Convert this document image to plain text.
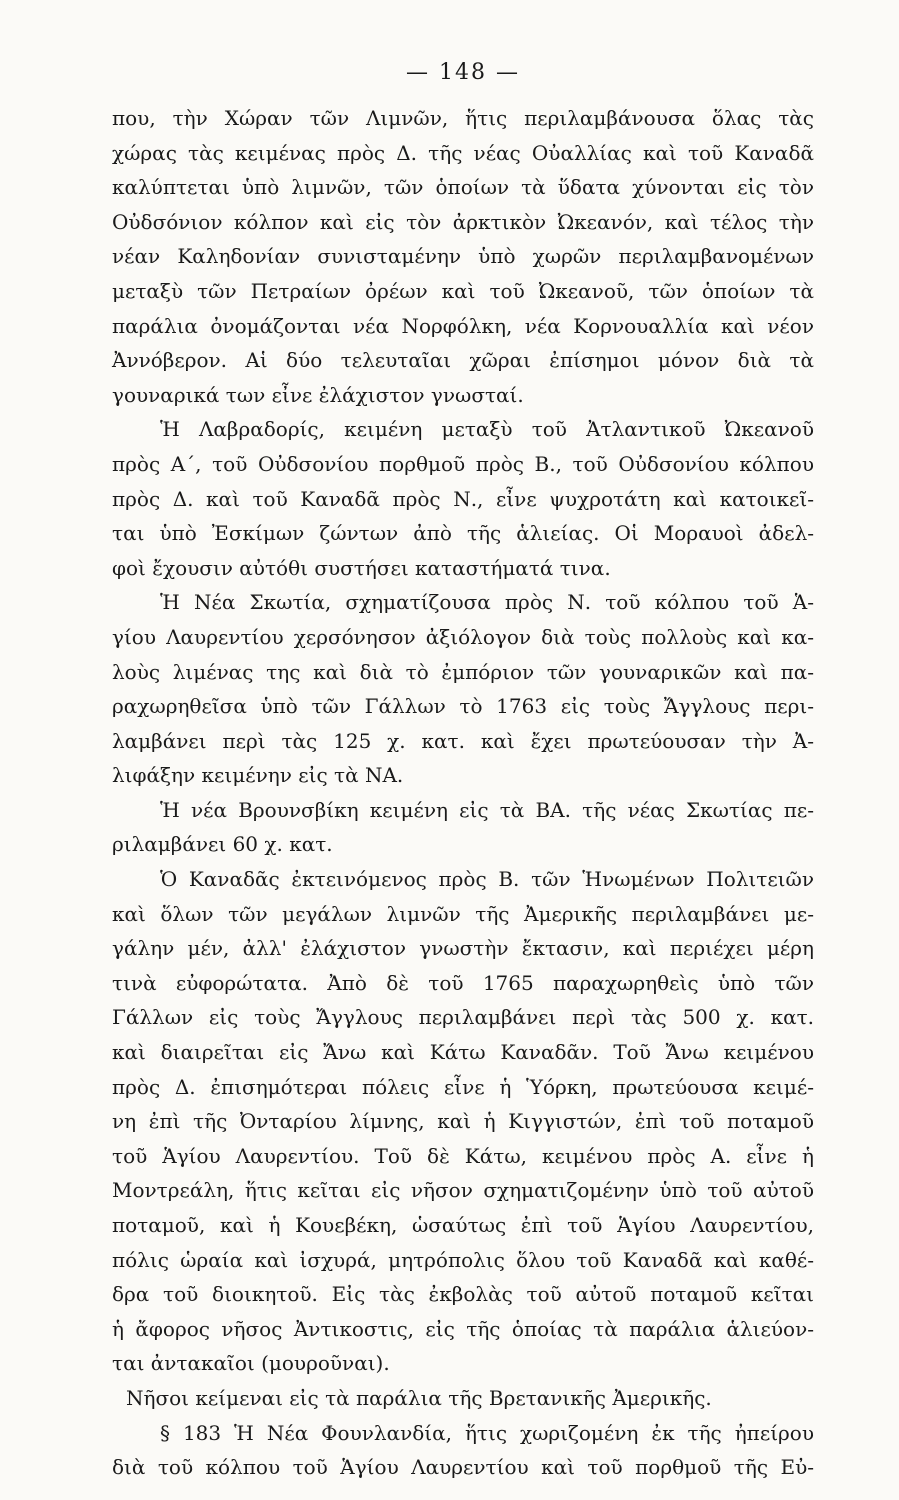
— 148 —
που, τὴν Χώραν τῶν Λιμνῶν, ἥτις περιλαμβάνουσα ὅλας τὰς
χώρας τὰς κειμένας πρὸς Δ. τῆς νέας Οὐαλλίας καὶ τοῦ Καναδᾶ
καλύπτεται ὑπὸ λιμνῶν, τῶν ὁποίων τὰ ὕδατα χύνονται εἰς τὸν
Οὐδσόνιον κόλπον καὶ εἰς τὸν ἀρκτικὸν Ὠκεανόν, καὶ τέλος τὴν
νέαν Καληδονίαν συνισταμένην ὑπὸ χωρῶν περιλαμβανομένων
μεταξὺ τῶν Πετραίων ὀρέων καὶ τοῦ Ὠκεανοῦ, τῶν ὁποίων τὰ
παράλια ὀνομάζονται νέα Νορφόλκη, νέα Κορνουαλλία καὶ νέον
Ἀννόβερον. Αἱ δύο τελευταῖαι χῶραι ἐπίσημοι μόνον διὰ τὰ
γουναρικά των εἶνε ἐλάχιστον γνωσταί.
Ἡ Λαβραδορίς, κειμένη μεταξὺ τοῦ Ἀτλαντικοῦ Ὠκεανοῦ
πρὸς Α΄, τοῦ Οὐδσονίου πορθμοῦ πρὸς Β., τοῦ Οὐδσονίου κόλπου
πρὸς Δ. καὶ τοῦ Καναδᾶ πρὸς Ν., εἶνε ψυχροτάτη καὶ κατοικεῖ-
ται ὑπὸ Ἐσκίμων ζώντων ἀπὸ τῆς ἁλιείας. Οἱ Μοραυοὶ ἀδελ-
φοὶ ἔχουσιν αὐτόθι συστήσει καταστήματά τινα.
Ἡ Νέα Σκωτία, σχηματίζουσα πρὸς Ν. τοῦ κόλπου τοῦ Ἁ-
γίου Λαυρεντίου χερσόνησον ἀξιόλογον διὰ τοὺς πολλοὺς καὶ κα-
λοὺς λιμένας της καὶ διὰ τὸ ἐμπόριον τῶν γουναρικῶν καὶ πα-
ραχωρηθεῖσα ὑπὸ τῶν Γάλλων τὸ 1763 εἰς τοὺς Ἄγγλους περι-
λαμβάνει περὶ τὰς 125 χ. κατ. καὶ ἔχει πρωτεύουσαν τὴν Ἀ-
λιφάξην κειμένην εἰς τὰ ΝΑ.
Ἡ νέα Βρουνσβίκη κειμένη εἰς τὰ ΒΑ. τῆς νέας Σκωτίας πε-
ριλαμβάνει 60 χ. κατ.
Ὁ Καναδᾶς ἐκτεινόμενος πρὸς Β. τῶν Ἡνωμένων Πολιτειῶν
καὶ ὅλων τῶν μεγάλων λιμνῶν τῆς Ἀμερικῆς περιλαμβάνει με-
γάλην μέν, ἀλλ' ἐλάχιστον γνωστὴν ἔκτασιν, καὶ περιέχει μέρη
τινὰ εὐφορώτατα. Ἀπὸ δὲ τοῦ 1765 παραχωρηθεὶς ὑπὸ τῶν
Γάλλων εἰς τοὺς Ἄγγλους περιλαμβάνει περὶ τὰς 500 χ. κατ.
καὶ διαιρεῖται εἰς Ἄνω καὶ Κάτω Καναδᾶν. Τοῦ Ἄνω κειμένου
πρὸς Δ. ἐπισημότεραι πόλεις εἶνε ἡ Ὑόρκη, πρωτεύουσα κειμέ-
νη ἐπὶ τῆς Ὀνταρίου λίμνης, καὶ ἡ Κιγγιστών, ἐπὶ τοῦ ποταμοῦ
τοῦ Ἁγίου Λαυρεντίου. Τοῦ δὲ Κάτω, κειμένου πρὸς Α. εἶνε ἡ
Μοντρεάλη, ἥτις κεῖται εἰς νῆσον σχηματιζομένην ὑπὸ τοῦ αὐτοῦ
ποταμοῦ, καὶ ἡ Κουεβέκη, ὡσαύτως ἐπὶ τοῦ Ἁγίου Λαυρεντίου,
πόλις ὡραία καὶ ἰσχυρά, μητρόπολις ὅλου τοῦ Καναδᾶ καὶ καθέ-
δρα τοῦ διοικητοῦ. Εἰς τὰς ἐκβολὰς τοῦ αὐτοῦ ποταμοῦ κεῖται
ἡ ἄφορος νῆσος Ἀντικοστις, εἰς τῆς ὁποίας τὰ παράλια ἁλιεύον-
ται ἀντακαῖοι (μουροῦναι).
Νῆσοι κείμεναι εἰς τὰ παράλια τῆς Βρετανικῆς Ἀμερικῆς.
§ 183 Ἡ Νέα Φουνλανδία, ἥτις χωριζομένη ἐκ τῆς ἠπείρου
διὰ τοῦ κόλπου τοῦ Ἁγίου Λαυρεντίου καὶ τοῦ πορθμοῦ τῆς Εὐ-
